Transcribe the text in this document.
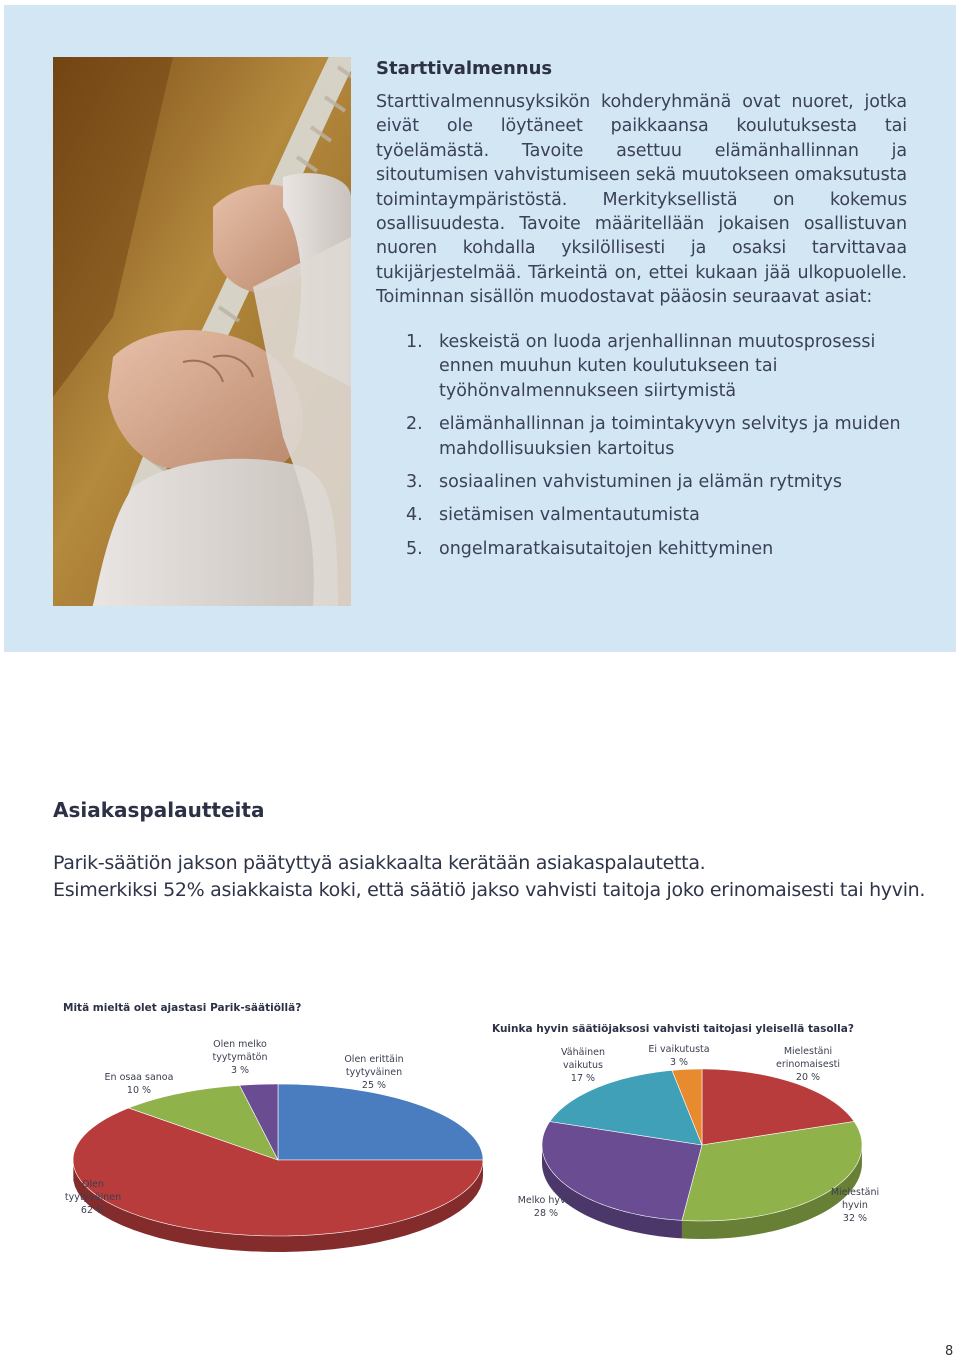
Starttivalmennus

Starttivalmennusyksikön kohderyhmänä ovat nuoret, jotka eivät ole löytäneet paikkaansa koulutuksesta tai työelämästä. Tavoite asettuu elämänhallinnan ja sitoutumisen vahvistumiseen sekä muutokseen omaksutusta toimintaympäristöstä. Merkityksellistä on kokemus osallisuudesta. Tavoite määritellään jokaisen osallistuvan nuoren kohdalla yksilöllisesti ja osaksi tarvittavaa tukijärjestelmää. Tärkeintä on, ettei kukaan jää ulkopuolelle. Toiminnan sisällön muodostavat pääosin seuraavat asiat:

1. keskeistä on luoda arjenhallinnan muutosprosessi ennen muuhun kuten koulutukseen tai työhönvalmennukseen siirtymistä
2. elämänhallinnan ja toimintakyvyn selvitys ja muiden mahdollisuuksien kartoitus
3. sosiaalinen vahvistuminen ja elämän rytmitys
4. sietämisen valmentautumista
5. ongelmaratkaisutaitojen kehittyminen
Asiakaspalautteita

Parik-säätiön jakson päätyttyä asiakkaalta kerätään asiakaspalautetta.

Esimerkiksi 52% asiakkaista koki, että säätiö jakso vahvisti taitoja joko erinomaisesti tai hyvin.

Mitä mieltä olet ajastasi Parik-säätiöllä?
Olen erittäin
tyytyväinen
25 %
Olen
tyytyväinen
62 %
En osaa sanoa
10 %
Olen melko
tyytymätön
3 %
Kuinka hyvin säätiöjaksosi vahvisti taitojasi yleisellä tasolla?
Mielestäni
erinomaisesti
20 %
Mielestäni
hyvin
32 %
Melko hyvin
28 %
Vähäinen
vaikutus
17 %
Ei vaikutusta
3 %
8
